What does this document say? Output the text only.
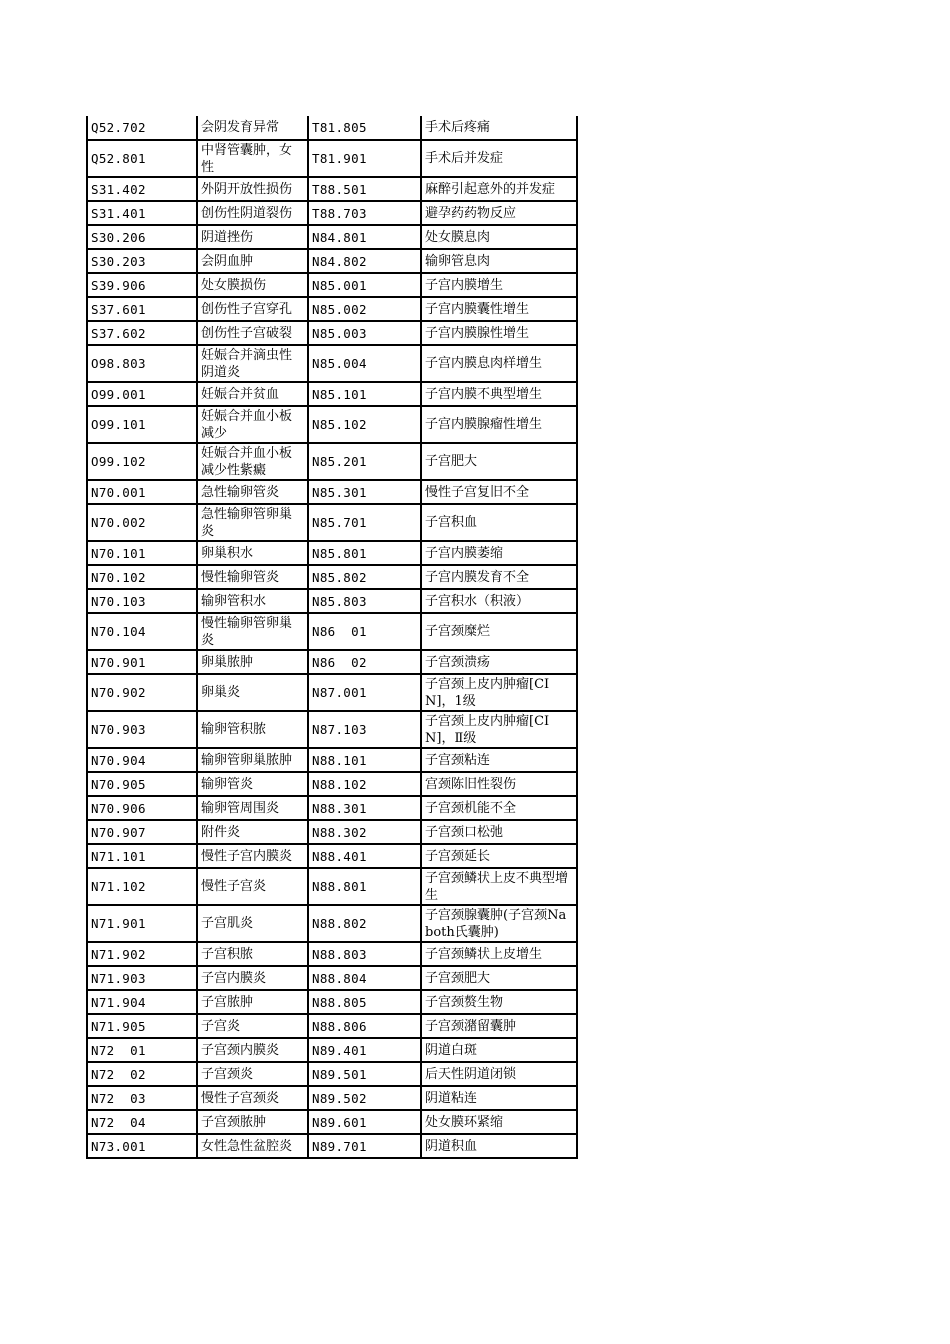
Q52.702	会阴发育异常	T81.805	手术后疼痛
Q52.801	中肾管囊肿，女性	T81.901	手术后并发症
S31.402	外阴开放性损伤	T88.501	麻醉引起意外的并发症
S31.401	创伤性阴道裂伤	T88.703	避孕药药物反应
S30.206	阴道挫伤	N84.801	处女膜息肉
S30.203	会阴血肿	N84.802	输卵管息肉
S39.906	处女膜损伤	N85.001	子宫内膜增生
S37.601	创伤性子宫穿孔	N85.002	子宫内膜囊性增生
S37.602	创伤性子宫破裂	N85.003	子宫内膜腺性增生
O98.803	妊娠合并滴虫性阴道炎	N85.004	子宫内膜息肉样增生
O99.001	妊娠合并贫血	N85.101	子宫内膜不典型增生
O99.101	妊娠合并血小板减少	N85.102	子宫内膜腺瘤性增生
O99.102	妊娠合并血小板减少性紫癜	N85.201	子宫肥大
N70.001	急性输卵管炎	N85.301	慢性子宫复旧不全
N70.002	急性输卵管卵巢炎	N85.701	子宫积血
N70.101	卵巢积水	N85.801	子宫内膜萎缩
N70.102	慢性输卵管炎	N85.802	子宫内膜发育不全
N70.103	输卵管积水	N85.803	子宫积水（积液）
N70.104	慢性输卵管卵巢炎	N86  01	子宫颈糜烂
N70.901	卵巢脓肿	N86  02	子宫颈溃疡
N70.902	卵巢炎	N87.001	子宫颈上皮内肿瘤[CIN]，1级
N70.903	输卵管积脓	N87.103	子宫颈上皮内肿瘤[CIN]，Ⅱ级
N70.904	输卵管卵巢脓肿	N88.101	子宫颈粘连
N70.905	输卵管炎	N88.102	宫颈陈旧性裂伤
N70.906	输卵管周围炎	N88.301	子宫颈机能不全
N70.907	附件炎	N88.302	子宫颈口松弛
N71.101	慢性子宫内膜炎	N88.401	子宫颈延长
N71.102	慢性子宫炎	N88.801	子宫颈鳞状上皮不典型增生
N71.901	子宫肌炎	N88.802	子宫颈腺囊肿(子宫颈Naboth氏囊肿)
N71.902	子宫积脓	N88.803	子宫颈鳞状上皮增生
N71.903	子宫内膜炎	N88.804	子宫颈肥大
N71.904	子宫脓肿	N88.805	子宫颈赘生物
N71.905	子宫炎	N88.806	子宫颈潴留囊肿
N72  01	子宫颈内膜炎	N89.401	阴道白斑
N72  02	子宫颈炎	N89.501	后天性阴道闭锁
N72  03	慢性子宫颈炎	N89.502	阴道粘连
N72  04	子宫颈脓肿	N89.601	处女膜环紧缩
N73.001	女性急性盆腔炎	N89.701	阴道积血
